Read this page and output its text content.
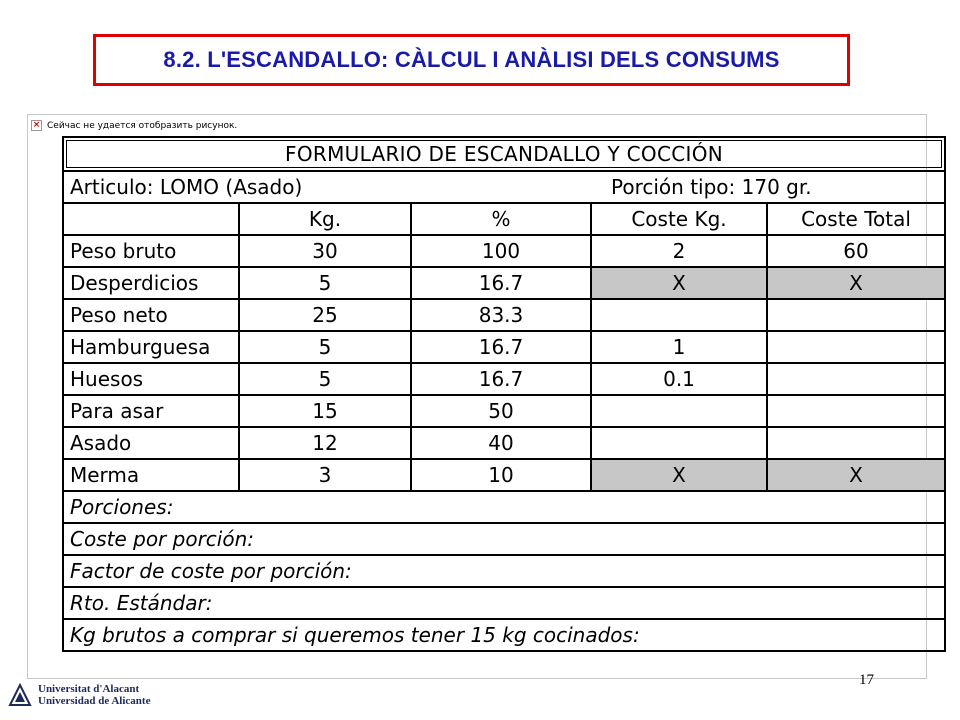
8.2. L'ESCANDALLO: CÀLCUL I ANÀLISI DELS CONSUMS
× Сейчас не удается отобразить рисунок.
FORMULARIO DE ESCANDALLO Y COCCIÓN				

Articulo: LOMO (Asado) Porción tipo: 170 gr.				

	Kg.	%	Coste Kg.	Coste Total
Peso bruto	30	100	2	60
Desperdicios	5	16.7	X	X
Peso neto	25	83.3		
Hamburguesa	5	16.7	1	
Huesos	5	16.7	0.1	
Para asar	15	50		
Asado	12	40		
Merma	3	10	X	X
Porciones:				
Coste por porción:				
Factor de coste por porción:				
Rto. Estándar:				
Kg brutos a comprar si queremos tener 15 kg cocinados:				
17
Universitat d'Alacant
Universidad de Alicante
